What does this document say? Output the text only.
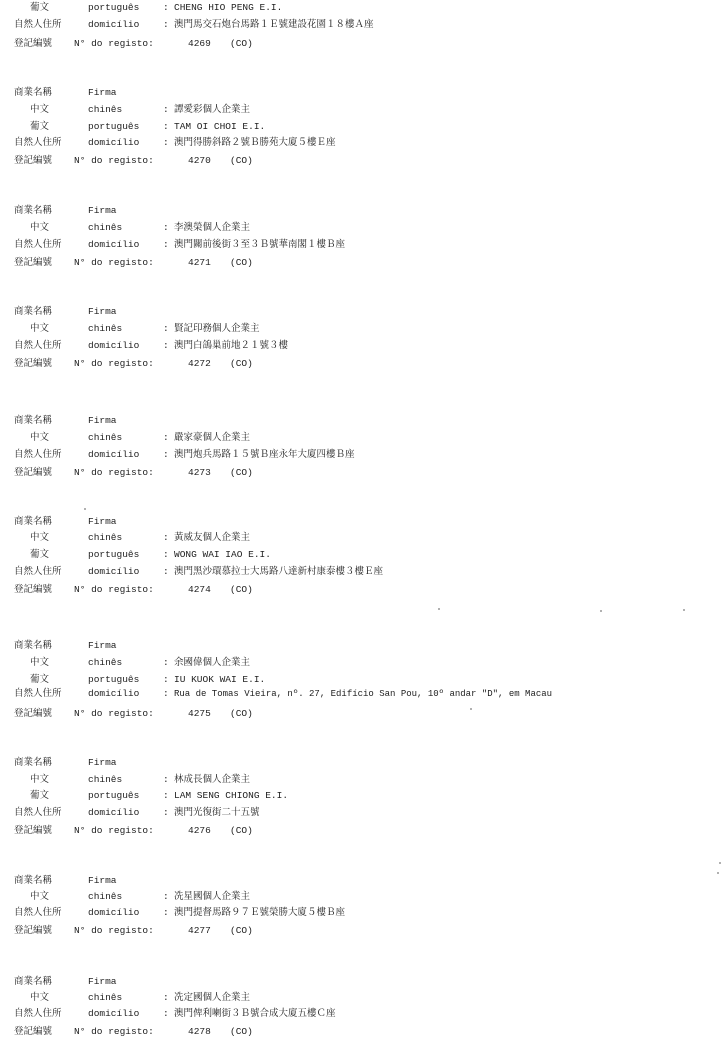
葡文	português : CHENG HIO PENG E.I.
自然人住所	domicílio : 澳門馬交石炮台馬路１Ｅ號建設花園１８樓Ａ座
登記編號 N° do registo:	4269 (CO)
商業名稱	Firma
中文	chinês	: 譚愛彩個人企業主
葡文	português : TAM OI CHOI E.I.
自然人住所	domicílio : 澳門得勝斜路２號Ｂ勝苑大廈５樓Ｅ座
登記編號 N° do registo:	4270 (CO)
商業名稱	Firma
中文	chinês	: 李澳榮個人企業主
自然人住所	domicílio : 澳門關前後街３至３Ｂ號華南閣１樓Ｂ座
登記編號 N° do registo:	4271 (CO)
商業名稱	Firma
中文	chinês	: 賢記印務個人企業主
自然人住所	domicílio : 澳門白鴿巢前地２１號３樓
登記編號 N° do registo:	4272 (CO)
商業名稱	Firma
中文	chinês	: 嚴家豪個人企業主
自然人住所	domicílio : 澳門炮兵馬路１５號Ｂ座永年大廈四樓Ｂ座
登記編號 N° do registo:	4273 (CO)
商業名稱	Firma
中文	chinês	: 黃威友個人企業主
葡文	português : WONG WAI IAO E.I.
自然人住所	domicílio : 澳門黑沙環慕拉士大馬路八達新村康泰樓３樓Ｅ座
登記編號 N° do registo:	4274 (CO)
商業名稱	Firma
中文	chinês	: 余國偉個人企業主
葡文	português : IU KUOK WAI E.I.
自然人住所	domicílio : Rua de Tomas Vieira, nº. 27, Edifício San Pou, 10º andar "D", em Macau
登記編號 N° do registo:	4275 (CO)
商業名稱	Firma
中文	chinês	: 林成長個人企業主
葡文	português : LAM SENG CHIONG E.I.
自然人住所	domicílio : 澳門光復街二十五號
登記編號 N° do registo:	4276 (CO)
商業名稱	Firma
中文	chinês	: 冼星國個人企業主
自然人住所	domicílio : 澳門提督馬路９７Ｅ號榮勝大廈５樓Ｂ座
登記編號 N° do registo:	4277 (CO)
商業名稱	Firma
中文	chinês	: 冼定國個人企業主
自然人住所	domicílio : 澳門俾利喇街３Ｂ號合成大廈五樓Ｃ座
登記編號 N° do registo:	4278 (CO)
